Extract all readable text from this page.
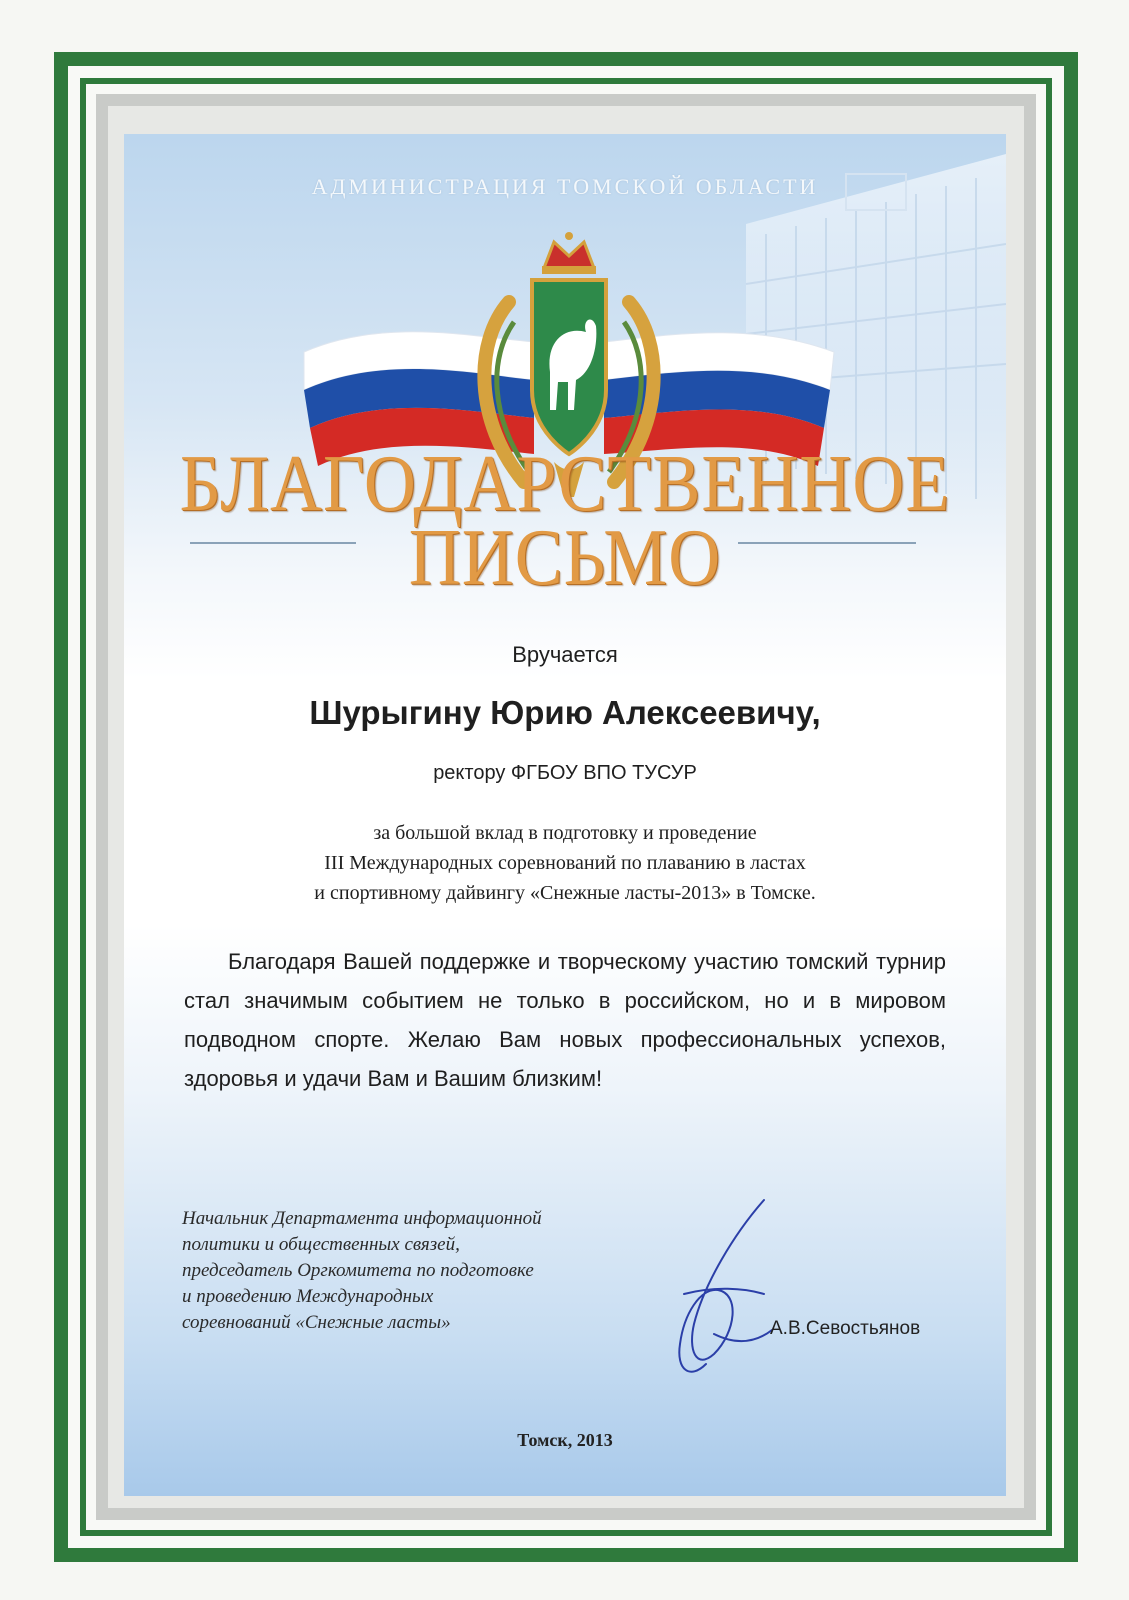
АДМИНИСТРАЦИЯ ТОМСКОЙ ОБЛАСТИ
БЛАГОДАРСТВЕННОЕ
ПИСЬМО
Вручается
Шурыгину Юрию Алексеевичу,
ректору ФГБОУ ВПО ТУСУР
за большой вклад в подготовку и проведение
III Международных соревнований по плаванию в ластах
и спортивному дайвингу «Снежные ласты-2013» в Томске.
Благодаря Вашей поддержке и творческому участию томский турнир стал значимым событием не только в российском, но и в мировом подводном спорте. Желаю Вам новых профессиональных успехов, здоровья и удачи Вам и Вашим близким!
Начальник Департамента информационной
политики и общественных связей,
председатель Оргкомитета по подготовке
и проведению Международных
соревнований «Снежные ласты»	А.В.Севостьянов
Томск, 2013
